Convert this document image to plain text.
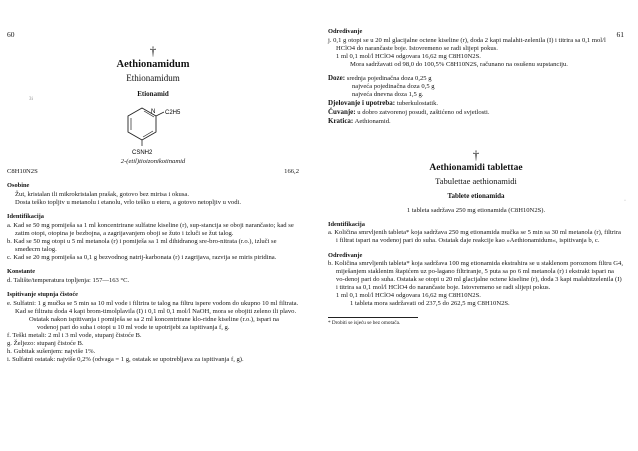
60
3i
†
Aethionamidum
Ethionamidum
Etionamid
N C2H5
CSNH2
2-(etil)tioizonikotinamid
C8H10N2S	166,2
Osobine

Žut, kristalan ili mikrokristalan prašak, gotovo bez mirisa i okusa.

Dosta teško topljiv u metanolu i etanolu, vrlo teško u eteru, a gotovo netopljiv u vodi.

Identifikacija

a. Kad se 50 mg pomiješa sa 1 ml koncentrirane sulfatne kiseline (r), sup-stancija se oboji narančasto; kad se zatim otopi, otopina je bezbojna, a zagrijavanjem oboji se žuto i izluči se žut talog.

b. Kad se 50 mg otopi u 5 ml metanola (r) i pomiješa sa 1 ml dihidranog sre-bro-nitrata (r.o.), izluči se smeđecrn talog.

c. Kad se 20 mg pomiješa sa 0,1 g bezvodnog natrij-karbonata (r) i zagrijava, razvija se miris piridina.

Konstante

d. Talište/temperatura topljenja: 157—163 °C.

Ispitivanje stupnja čistoće

e. Sulfatni: 1 g mučka se 5 min sa 10 ml vode i filtrira te talog na filtru ispere vodom do ukupno 10 ml filtrata. Kad se filtratu doda 4 kapi brom-timolplavila (I) i 0,1 ml 0,1 mol/l NaOH, mora se obojiti zeleno ili plavo.

Ostatak nakon ispitivanja i pomiješa se sa 2 ml koncentrirane klo-ridne kiseline (r.o.), ispari na vodenoj pari do suha i otopi u 10 ml vode te upotrijebi za ispitivanja f, g.

f. Teški metali: 2 ml i 3 ml vode, stupanj čistoće B.

g. Željezo: stupanj čistoće B.

h. Gubitak sušenjem: najviše 1%.

i. Sulfatni ostatak: najviše 0,2% (odvaga = 1 g, ostatak se upotrebljava za ispitivanja f, g).

61
·
Određivanje

j. 0,1 g otopi se u 20 ml glacijalne octene kiseline (r), doda 2 kapi malahit-zelenila (I) i titrira sa 0,1 mol/l HClO4 do narančaste boje. Istovremeno se radi slijepi pokus.

1 ml 0,1 mol/l HClO4 odgovara 16,62 mg C8H10N2S.

Mora sadržavati od 98,0 do 100,5% C8H10N2S, računano na osušenu supstanciju.

Doze: srednja pojedinačna doza 0,25 g
najveća pojedinačna doza 0,5 g
najveća dnevna doza 1,5 g.
Djelovanje i upotreba: tuberkulostatik.
Čuvanje: u dobro zatvorenoj posudi, zaštićeno od svjetlosti.
Kratica: Aethionamid.
†
Aethionamidi tablettae
Tabulettae aethionamidi
Tablete etionamida
1 tableta sadržava 250 mg etionamida (C8H10N2S).
Identifikacija

a. Količina smrvljenih tableta* koja sadržava 250 mg etionamida mučka se 5 min sa 30 ml metanola (r), filtrira i filtrat ispari na vodenoj pari do suha. Ostatak daje reakcije kao »Aethionamidum«, ispitivanja b, c.

Određivanje

b. Količina smrvljenih tableta* koja sadržava 100 mg etionamida ekstrahira se u staklenom poroznom filtru G4, miješanjem staklenim štapićem uz po-lagano filtriranje, 5 puta sa po 6 ml metanola (r) i ekstrakt ispari na vo-denoj pari do suha. Ostatak se otopi u 20 ml glacijalne octene kiseline (r), doda 3 kapi malahitzelenila (I) i titrira sa 0,1 mol/l HClO4 do narančaste boje. Istovremeno se radi slijepi pokus.

1 ml 0,1 mol/l HClO4 odgovara 16,62 mg C8H10N2S.

1 tableta mora sadržavati od 237,5 do 262,5 mg C8H10N2S.

* Drobiti se isjeću se bez omotača.
